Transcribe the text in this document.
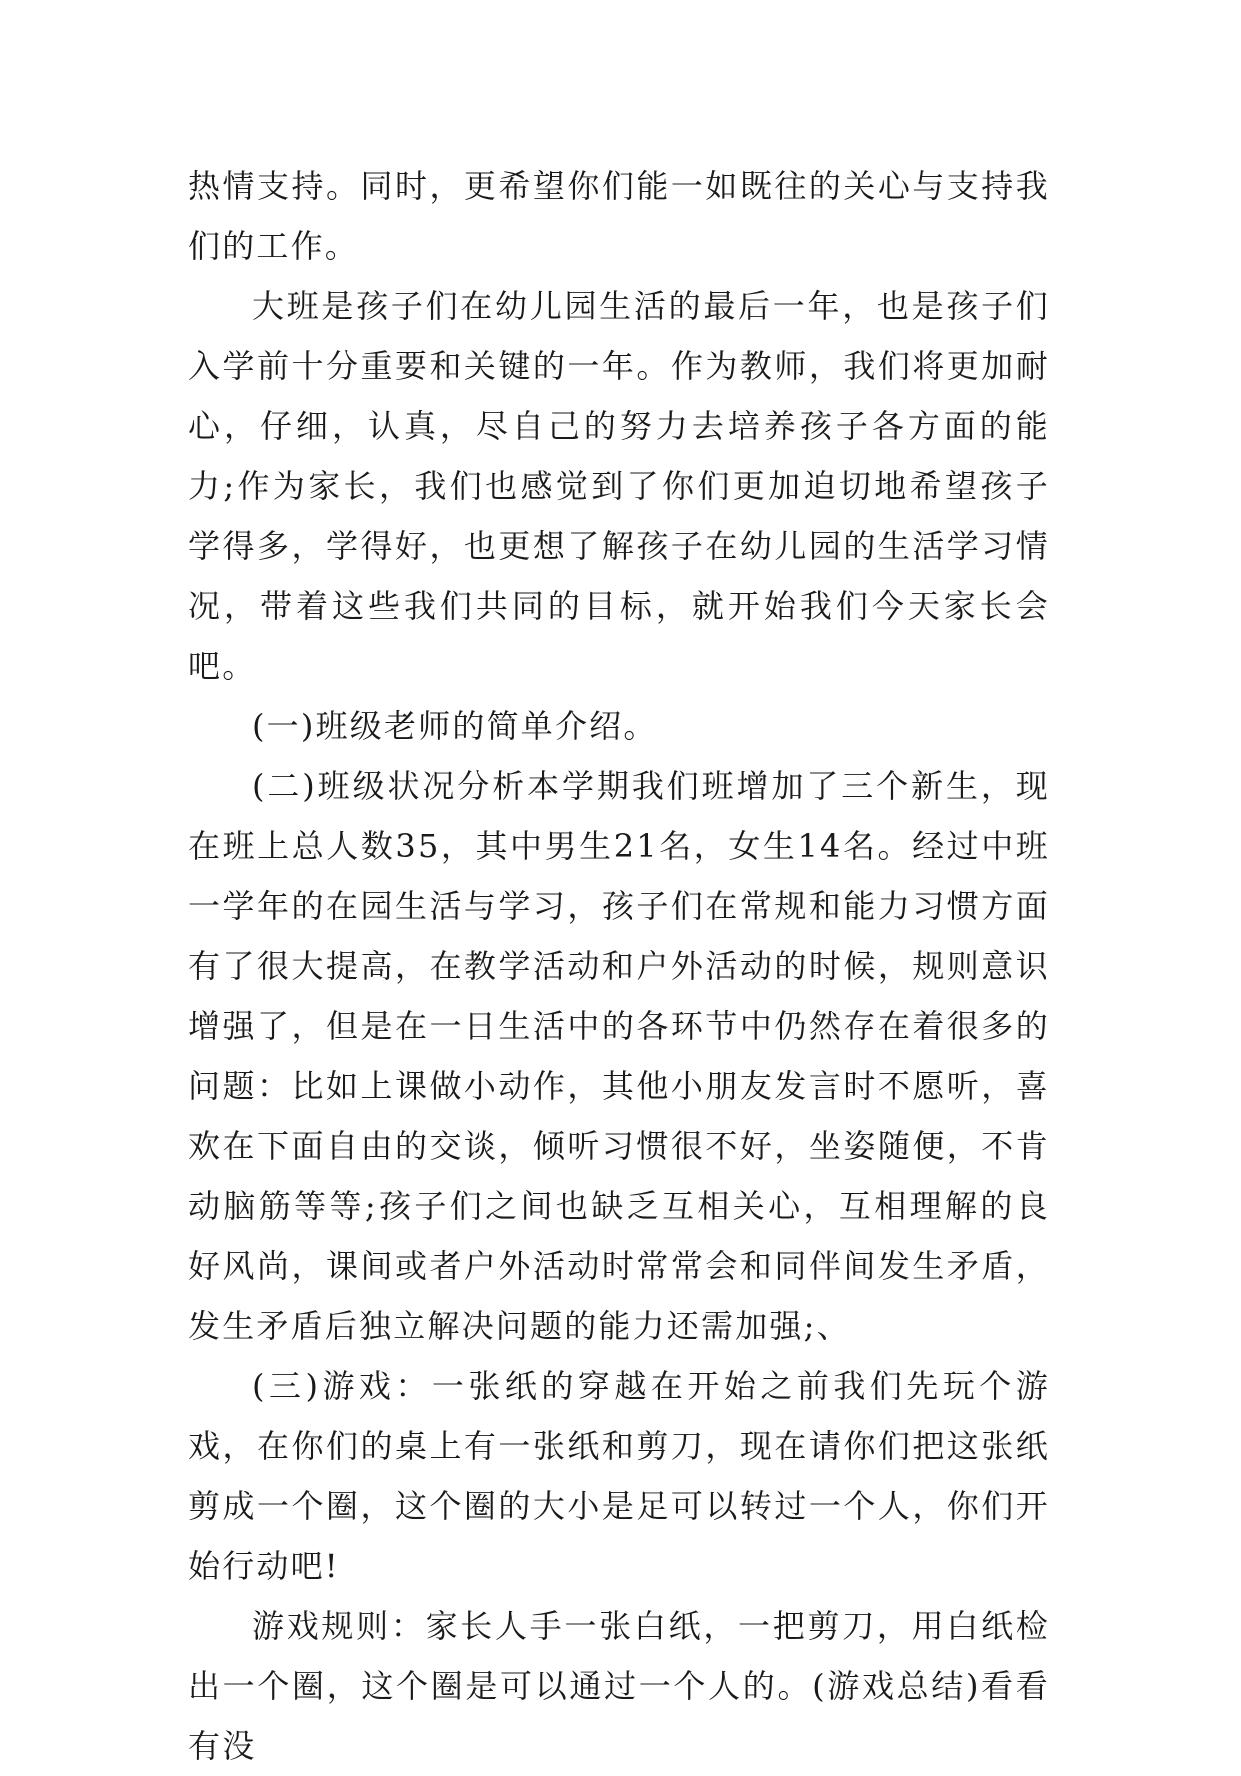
热情支持。同时，更希望你们能一如既往的关心与支持我们的工作。

大班是孩子们在幼儿园生活的最后一年，也是孩子们入学前十分重要和关键的一年。作为教师，我们将更加耐心，仔细，认真，尽自己的努力去培养孩子各方面的能力;作为家长，我们也感觉到了你们更加迫切地希望孩子学得多，学得好，也更想了解孩子在幼儿园的生活学习情况，带着这些我们共同的目标，就开始我们今天家长会吧。

(一)班级老师的简单介绍。

(二)班级状况分析本学期我们班增加了三个新生，现在班上总人数35，其中男生21名，女生14名。经过中班一学年的在园生活与学习，孩子们在常规和能力习惯方面有了很大提高，在教学活动和户外活动的时候，规则意识增强了，但是在一日生活中的各环节中仍然存在着很多的问题：比如上课做小动作，其他小朋友发言时不愿听，喜欢在下面自由的交谈，倾听习惯很不好，坐姿随便，不肯动脑筋等等;孩子们之间也缺乏互相关心，互相理解的良好风尚，课间或者户外活动时常常会和同伴间发生矛盾，发生矛盾后独立解决问题的能力还需加强;、

(三)游戏：一张纸的穿越在开始之前我们先玩个游戏，在你们的桌上有一张纸和剪刀，现在请你们把这张纸剪成一个圈，这个圈的大小是足可以转过一个人，你们开始行动吧!

游戏规则：家长人手一张白纸，一把剪刀，用白纸检出一个圈，这个圈是可以通过一个人的。(游戏总结)看看有没
